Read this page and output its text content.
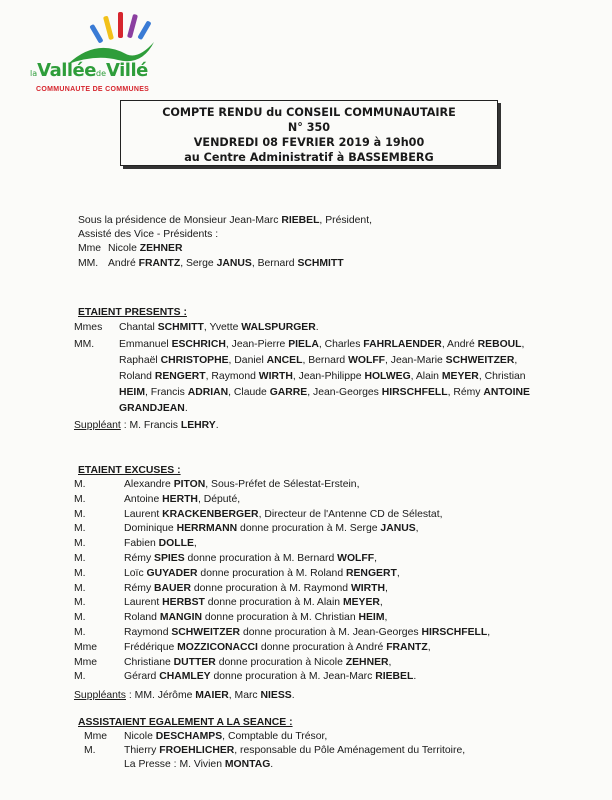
laValléedeVillé
COMMUNAUTE DE COMMUNES
COMPTE RENDU du CONSEIL COMMUNAUTAIRE
N° 350
VENDREDI 08 FEVRIER 2019 à 19h00
au Centre Administratif à BASSEMBERG
Sous la présidence de Monsieur Jean-Marc RIEBEL, Président,
Assisté des Vice - Présidents :
Mme Nicole ZEHNER
MM. André FRANTZ, Serge JANUS, Bernard SCHMITT
ETAIENT PRESENTS :
Mmes Chantal SCHMITT, Yvette WALSPURGER.
MM. Emmanuel ESCHRICH, Jean-Pierre PIELA, Charles FAHRLAENDER, André REBOUL,
Raphaël CHRISTOPHE, Daniel ANCEL, Bernard WOLFF, Jean-Marie SCHWEITZER,
Roland RENGERT, Raymond WIRTH, Jean-Philippe HOLWEG, Alain MEYER, Christian
HEIM, Francis ADRIAN, Claude GARRE, Jean-Georges HIRSCHFELL, Rémy ANTOINE
GRANDJEAN.
Suppléant : M. Francis LEHRY.
ETAIENT EXCUSES :
M.	Alexandre PITON, Sous-Préfet de Sélestat-Erstein,
M.	Antoine HERTH, Député,
M.	Laurent KRACKENBERGER, Directeur de l'Antenne CD de Sélestat,
M.	Dominique HERRMANN donne procuration à M. Serge JANUS,
M.	Fabien DOLLE,
M.	Rémy SPIES donne procuration à M. Bernard WOLFF,
M.	Loïc GUYADER donne procuration à M. Roland RENGERT,
M.	Rémy BAUER donne procuration à M. Raymond WIRTH,
M.	Laurent HERBST donne procuration à M. Alain MEYER,
M.	Roland MANGIN donne procuration à M. Christian HEIM,
M.	Raymond SCHWEITZER donne procuration à M. Jean-Georges HIRSCHFELL,
Mme	Frédérique MOZZICONACCI donne procuration à André FRANTZ,
Mme	Christiane DUTTER donne procuration à Nicole ZEHNER,
M.	Gérard CHAMLEY donne procuration à M. Jean-Marc RIEBEL.
Suppléants : MM. Jérôme MAIER, Marc NIESS.
ASSISTAIENT EGALEMENT A LA SEANCE :
Mme Nicole DESCHAMPS, Comptable du Trésor,
M.	Thierry FROEHLICHER, responsable du Pôle Aménagement du Territoire,
La Presse : M. Vivien MONTAG.
